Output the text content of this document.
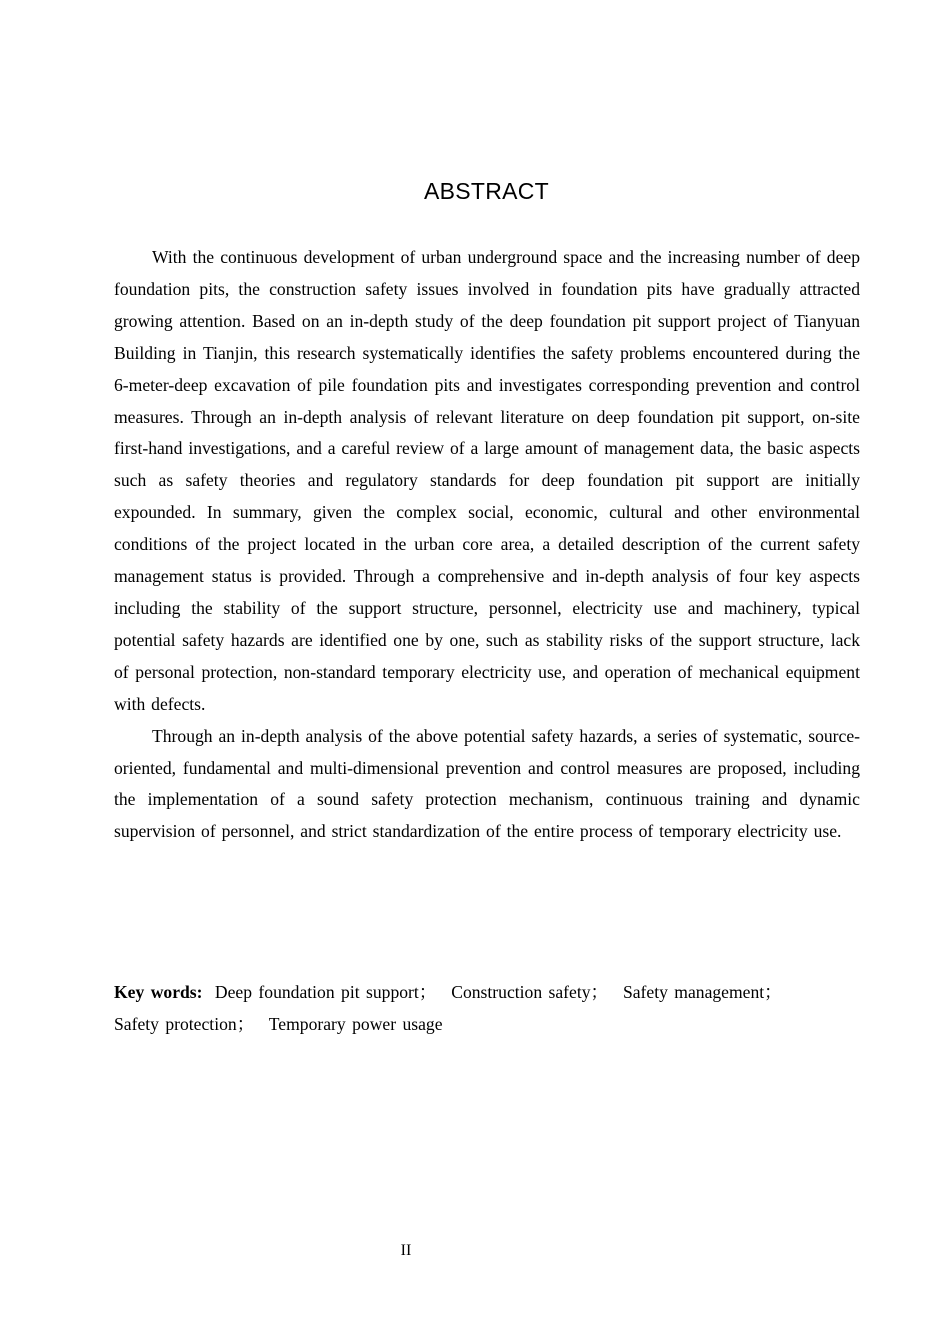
ABSTRACT

With the continuous development of urban underground space and the increasing number of deep foundation pits, the construction safety issues involved in foundation pits have gradually attracted growing attention. Based on an in-depth study of the deep foundation pit support project of Tianyuan Building in Tianjin, this research systematically identifies the safety problems encountered during the 6-meter-deep excavation of pile foundation pits and investigates corresponding prevention and control measures. Through an in-depth analysis of relevant literature on deep foundation pit support, on-site first-hand investigations, and a careful review of a large amount of management data, the basic aspects such as safety theories and regulatory standards for deep foundation pit support are initially expounded. In summary, given the complex social, economic, cultural and other environmental conditions of the project located in the urban core area, a detailed description of the current safety management status is provided. Through a comprehensive and in-depth analysis of four key aspects including the stability of the support structure, personnel, electricity use and machinery, typical potential safety hazards are identified one by one, such as stability risks of the support structure, lack of personal protection, non-standard temporary electricity use, and operation of mechanical equipment with defects.

Through an in-depth analysis of the above potential safety hazards, a series of systematic, source-oriented, fundamental and multi-dimensional prevention and control measures are proposed, including the implementation of a sound safety protection mechanism, continuous training and dynamic supervision of personnel, and strict standardization of the entire process of temporary electricity use.

Key words: Deep foundation pit support； Construction safety； Safety management； Safety protection； Temporary power usage
II
